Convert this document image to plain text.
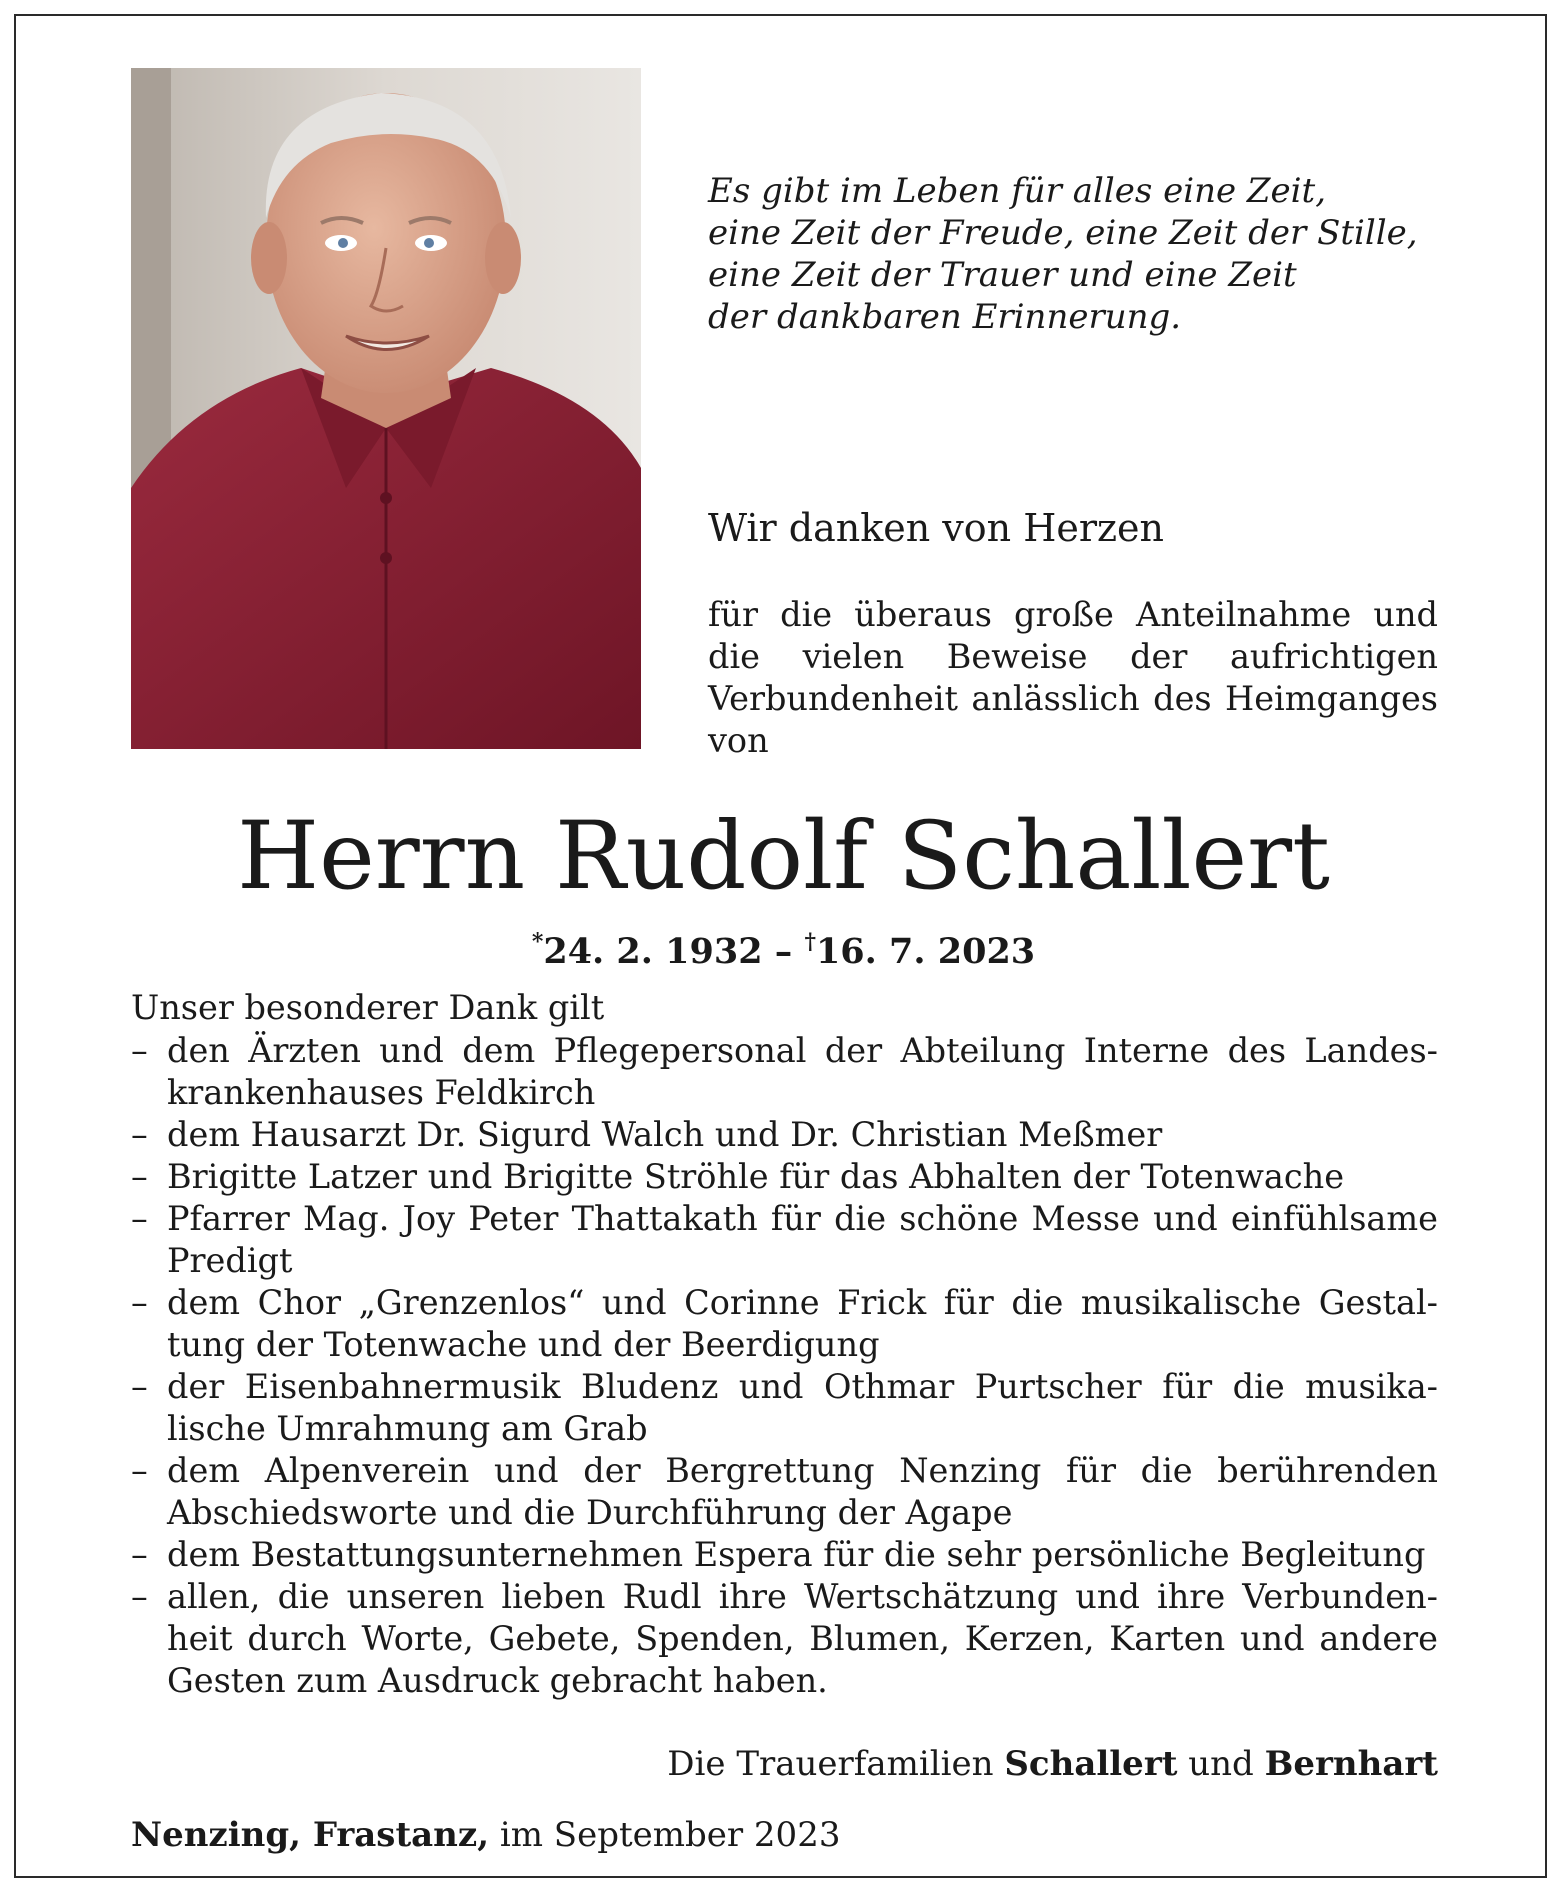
Es gibt im Leben für alles eine Zeit,
eine Zeit der Freude, eine Zeit der Stille,
eine Zeit der Trauer und eine Zeit
der dankbaren Erinnerung.
Wir danken von Herzen
für die überaus große Anteilnahme und die vielen Beweise der aufrichtigen Verbundenheit anlässlich des Heimganges von
Herrn Rudolf Schallert
*24. 2. 1932 – †16. 7. 2023
Unser besonderer Dank gilt
– den Ärzten und dem Pflegepersonal der Abteilung Interne des Landes-krankenhauses Feldkirch
– dem Hausarzt Dr. Sigurd Walch und Dr. Christian Meßmer
– Brigitte Latzer und Brigitte Ströhle für das Abhalten der Totenwache
– Pfarrer Mag. Joy Peter Thattakath für die schöne Messe und einfühlsame Predigt
– dem Chor „Grenzenlos“ und Corinne Frick für die musikalische Gestal-tung der Totenwache und der Beerdigung
– der Eisenbahnermusik Bludenz und Othmar Purtscher für die musika-lische Umrahmung am Grab
– dem Alpenverein und der Bergrettung Nenzing für die berührenden Abschiedsworte und die Durchführung der Agape
– dem Bestattungsunternehmen Espera für die sehr persönliche Begleitung
– allen, die unseren lieben Rudl ihre Wertschätzung und ihre Verbunden-heit durch Worte, Gebete, Spenden, Blumen, Kerzen, Karten und andere Gesten zum Ausdruck gebracht haben.
Die Trauerfamilien Schallert und Bernhart
Nenzing, Frastanz, im September 2023
